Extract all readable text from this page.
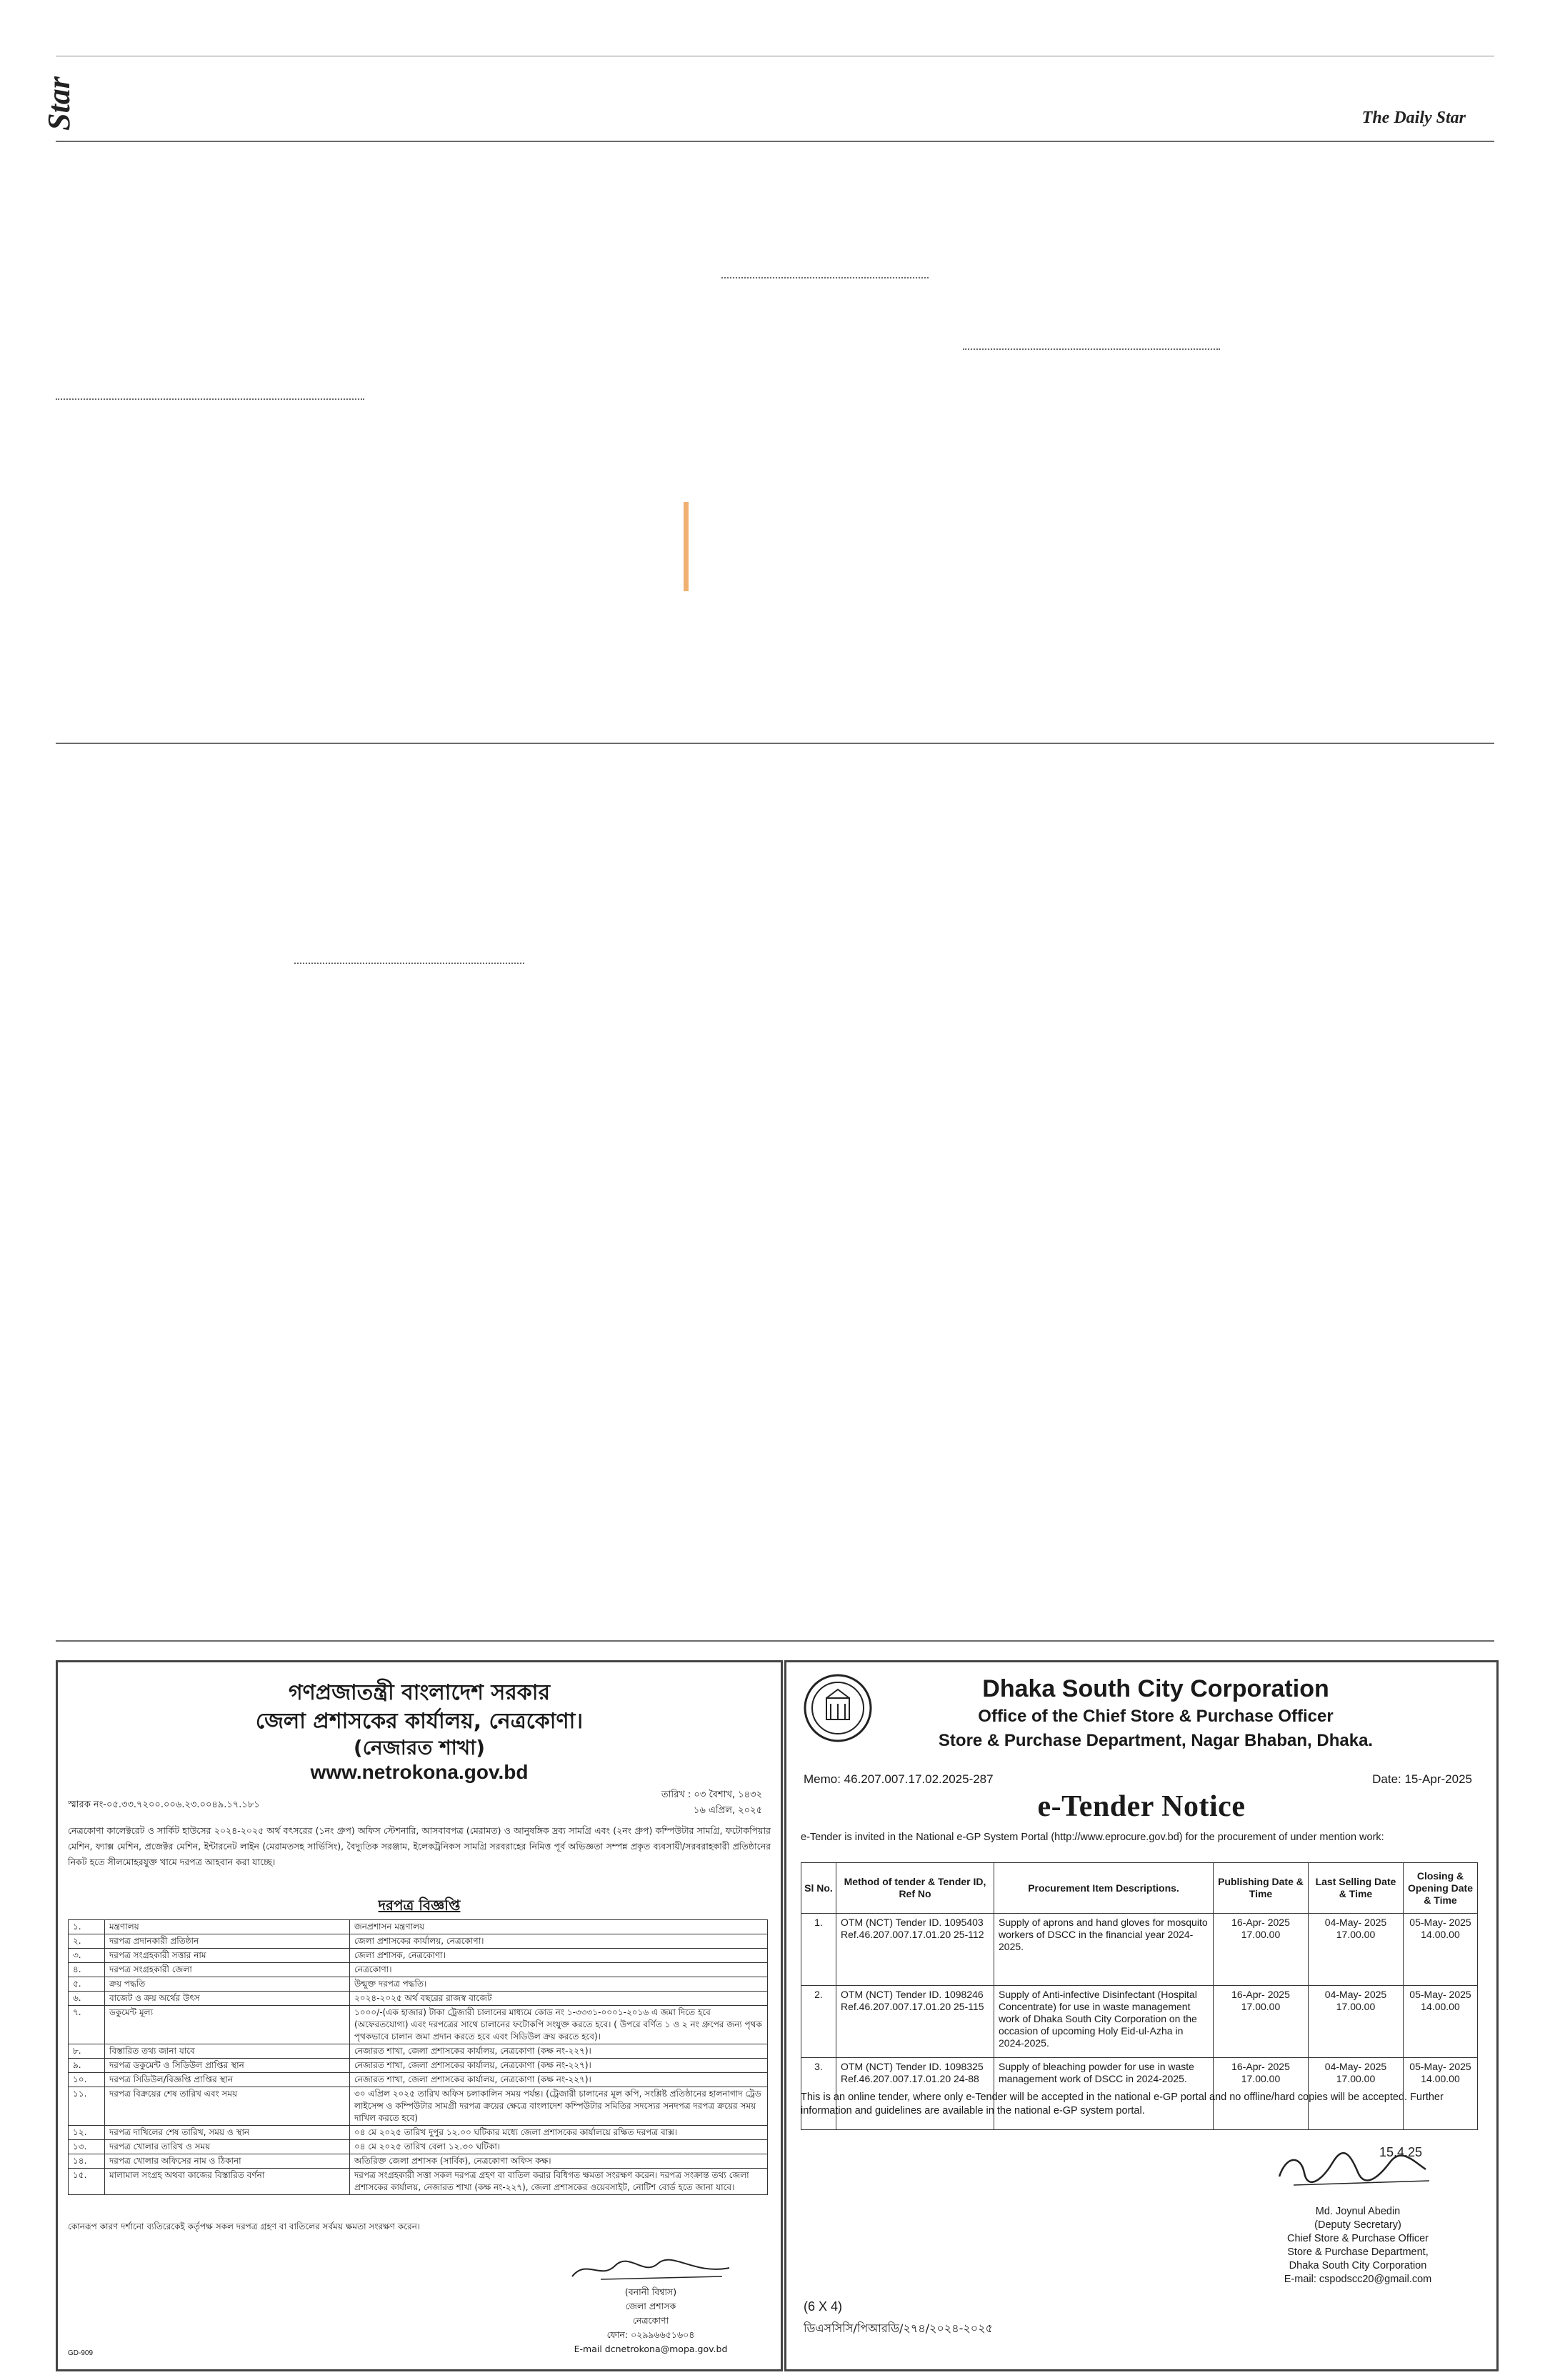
Star	The Daily Star
গণপ্রজাতন্ত্রী বাংলাদেশ সরকার
জেলা প্রশাসকের কার্যালয়, নেত্রকোণা।
(নেজারত শাখা)
www.netrokona.gov.bd
স্মারক নং-০৫.৩৩.৭২০০.০০৬.২৩.০০৪৯.১৭.১৮১
তারিখ : ০৩ বৈশাখ, ১৪৩২
১৬ এপ্রিল, ২০২৫
নেত্রকোণা কালেক্টরেট ও সার্কিট হাউসের ২০২৪-২০২৫ অর্থ বৎসরের (১নং গ্রুপ) অফিস স্টেশনারি, আসবাবপত্র (মেরামত) ও আনুষঙ্গিক দ্রব্য সামগ্রি এবং (২নং গ্রুপ) কম্পিউটার সামগ্রি, ফটোকপিয়ার মেশিন, ফ্যাক্স মেশিন, প্রজেক্টর মেশিন, ইন্টারনেট লাইন (মেরামতসহ সার্ভিসিং), বৈদ্যুতিক সরঞ্জাম, ইলেকট্রনিকস সামগ্রি সরবরাহের নিমিত্ত পূর্ব অভিজ্ঞতা সম্পন্ন প্রকৃত ব্যবসায়ী/সরবরাহকারী প্রতিষ্ঠানের নিকট হতে সীলমোহরযুক্ত খামে দরপত্র আহবান করা যাচ্ছে।
দরপত্র বিজ্ঞপ্তি
১.	মন্ত্রণালয়	জনপ্রশাসন মন্ত্রণালয়
২.	দরপত্র প্রদানকারী প্রতিষ্ঠান	জেলা প্রশাসকের কার্যালয়, নেত্রকোণা।
৩.	দরপত্র সংগ্রহকারী সত্তার নাম	জেলা প্রশাসক, নেত্রকোণা।
৪.	দরপত্র সংগ্রহকারী জেলা	নেত্রকোণা।
৫.	ক্রয় পদ্ধতি	উন্মুক্ত দরপত্র পদ্ধতি।
৬.	বাজেট ও ক্রয় অর্থের উৎস	২০২৪-২০২৫ অর্থ বছরের রাজস্ব বাজেট
৭.	ডকুমেন্ট মূল্য	১০০০/-(এক হাজার) টাকা ট্রেজারী চালানের মাধ্যমে কোড নং ১-৩৩৩১-০০০১-২০১৬ এ জমা দিতে হবে (অফেরতযোগ্য) এবং দরপত্রের সাথে চালানের ফটোকপি সংযুক্ত করতে হবে। ( উপরে বর্ণিত ১ ও ২ নং গ্রুপের জন্য পৃথক পৃথকভাবে চালান জমা প্রদান করতে হবে এবং সিডিউল ক্রয় করতে হবে)।
৮.	বিস্তারিত তথ্য জানা যাবে	নেজারত শাখা, জেলা প্রশাসকের কার্যালয়, নেত্রকোণা (কক্ষ নং-২২৭)।
৯.	দরপত্র ডকুমেন্ট ও সিডিউল প্রাপ্তির স্থান	নেজারত শাখা, জেলা প্রশাসকের কার্যালয়, নেত্রকোণা (কক্ষ নং-২২৭)।
১০.	দরপত্র সিডিউল/বিজ্ঞপ্তি প্রাপ্তির স্থান	নেজারত শাখা, জেলা প্রশাসকের কার্যালয়, নেত্রকোণা (কক্ষ নং-২২৭)।
১১.	দরপত্র বিক্রয়ের শেষ তারিখ এবং সময়	৩০ এপ্রিল ২০২৫ তারিখ অফিস চলাকালিন সময় পর্যন্ত। (ট্রেজারী চালানের মূল কপি, সংশ্লিষ্ট প্রতিষ্ঠানের হালনাগাদ ট্রেড লাইসেন্স ও কম্পিউটার সামগ্রী দরপত্র ক্রয়ের ক্ষেত্রে বাংলাদেশ কম্পিউটার সমিতির সদস্যের সনদপত্র দরপত্র ক্রয়ের সময় দাখিল করতে হবে)
১২.	দরপত্র দাখিলের শেষ তারিখ, সময় ও স্থান	০৪ মে ২০২৫ তারিখ দুপুর ১২.০০ ঘটিকার মধ্যে জেলা প্রশাসকের কার্যালয়ে রক্ষিত দরপত্র বাক্স।
১৩.	দরপত্র খোলার তারিখ ও সময়	০৪ মে ২০২৫ তারিখ বেলা ১২.৩০ ঘটিকা।
১৪.	দরপত্র খোলার অফিসের নাম ও ঠিকানা	অতিরিক্ত জেলা প্রশাসক (সার্বিক), নেত্রকোণা অফিস কক্ষ।
১৫.	মালামাল সংগ্রহ অথবা কাজের বিস্তারিত বর্ণনা	দরপত্র সংগ্রহকারী সত্তা সকল দরপত্র গ্রহণ বা বাতিল করার বিধিগত ক্ষমতা সংরক্ষণ করেন। দরপত্র সংক্রান্ত তথ্য জেলা প্রশাসকের কার্যালয়, নেজারত শাখা (কক্ষ নং-২২৭), জেলা প্রশাসকের ওয়েবসাইট, নোটিশ বোর্ড হতে জানা যাবে।
কোনরূপ কারণ দর্শানো ব্যতিরেকেই কর্তৃপক্ষ সকল দরপত্র গ্রহণ বা বাতিলের সর্বময় ক্ষমতা সংরক্ষণ করেন।
(বনানী বিশ্বাস)
জেলা প্রশাসক
নেত্রকোণা
ফোন: ০২৯৯৬৬৫১৬০৪
E-mail dcnetrokona@mopa.gov.bd
GD-909
Dhaka South City Corporation
Office of the Chief Store & Purchase Officer
Store & Purchase Department, Nagar Bhaban, Dhaka.
Memo: 46.207.007.17.02.2025-287	Date: 15-Apr-2025
e-Tender Notice
e-Tender is invited in the National e-GP System Portal (http://www.eprocure.gov.bd) for the procurement of under mention work:
Sl No.	Method of tender & Tender ID, Ref No	Procurement Item Descriptions.	Publishing Date & Time	Last Selling Date & Time	Closing & Opening Date & Time
1.	OTM (NCT) Tender ID. 1095403 Ref.46.207.007.17.01.20 25-112	Supply of aprons and hand gloves for mosquito workers of DSCC in the financial year 2024-2025.	16-Apr- 2025 17.00.00	04-May- 2025 17.00.00	05-May- 2025 14.00.00
2.	OTM (NCT) Tender ID. 1098246 Ref.46.207.007.17.01.20 25-115	Supply of Anti-infective Disinfectant (Hospital Concentrate) for use in waste management work of Dhaka South City Corporation on the occasion of upcoming Holy Eid-ul-Azha in 2024-2025.	16-Apr- 2025 17.00.00	04-May- 2025 17.00.00	05-May- 2025 14.00.00
3.	OTM (NCT) Tender ID. 1098325 Ref.46.207.007.17.01.20 24-88	Supply of bleaching powder for use in waste management work of DSCC in 2024-2025.	16-Apr- 2025 17.00.00	04-May- 2025 17.00.00	05-May- 2025 14.00.00
This is an online tender, where only e-Tender will be accepted in the national e-GP portal and no offline/hard copies will be accepted. Further information and guidelines are available in the national e-GP system portal.
15.4.25
Md. Joynul Abedin
(Deputy Secretary)
Chief Store & Purchase Officer
Store & Purchase Department,
Dhaka South City Corporation
E-mail: cspodscc20@gmail.com
(6 X 4)
ডিএসসিসি/পিআরডি/২৭৪/২০২৪-২০২৫
